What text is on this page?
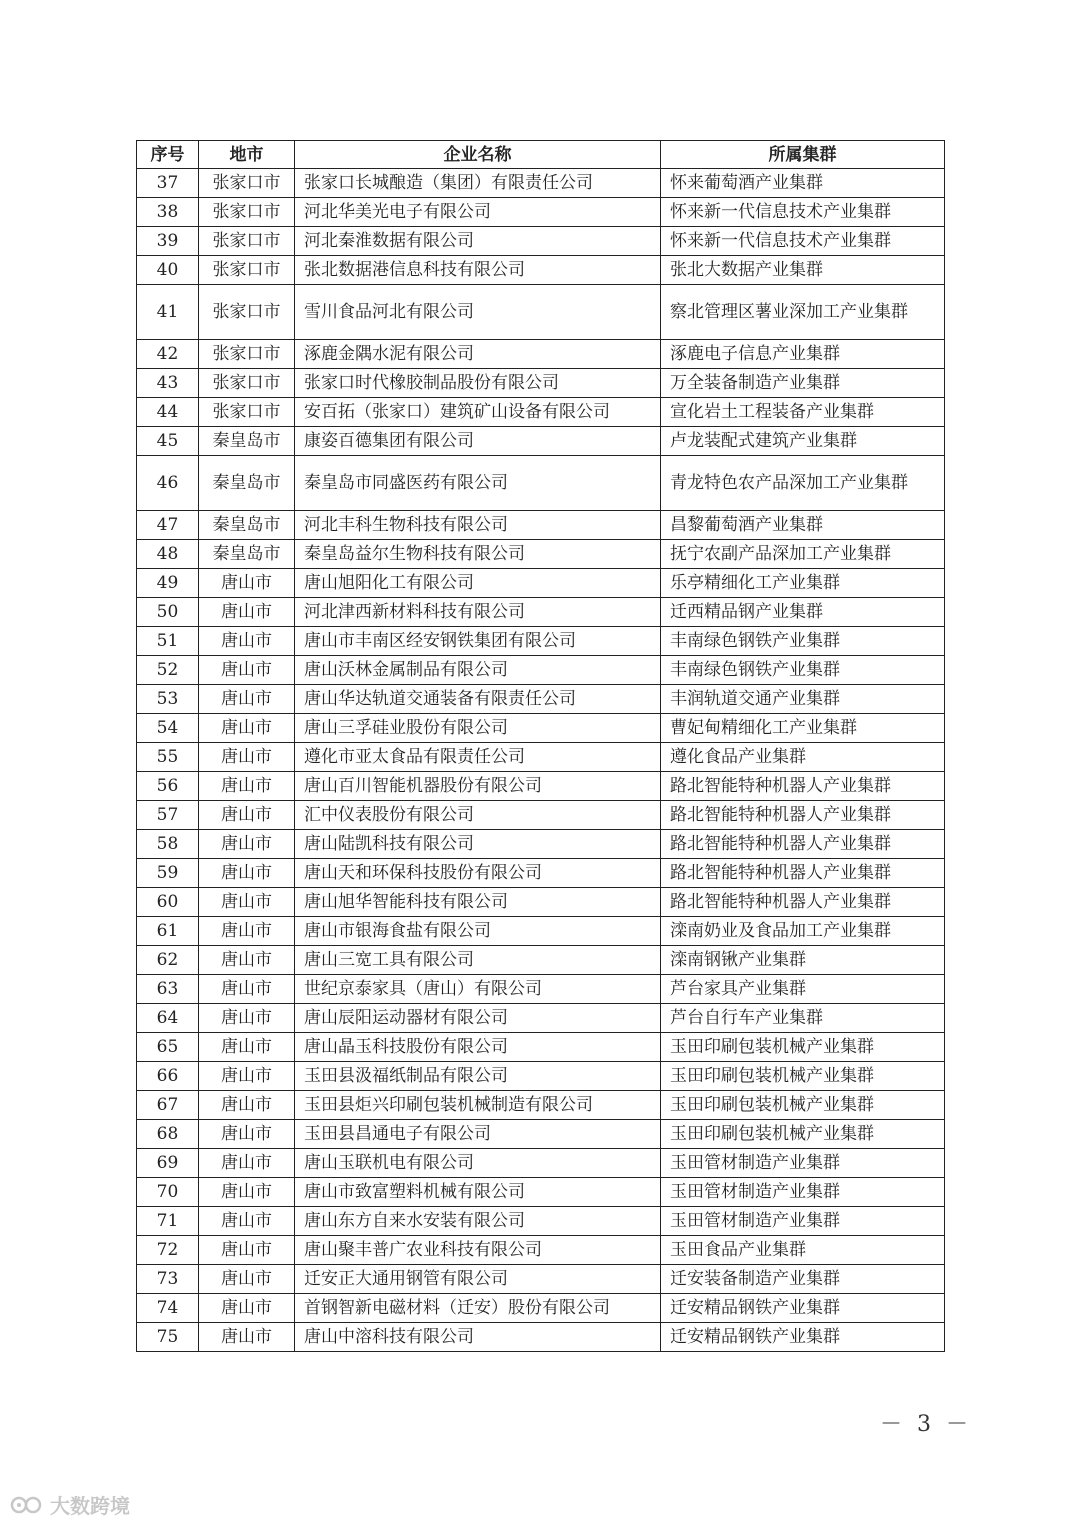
序号	地市	企业名称	所属集群
37	张家口市	张家口长城酿造（集团）有限责任公司	怀来葡萄酒产业集群
38	张家口市	河北华美光电子有限公司	怀来新一代信息技术产业集群
39	张家口市	河北秦淮数据有限公司	怀来新一代信息技术产业集群
40	张家口市	张北数据港信息科技有限公司	张北大数据产业集群
41	张家口市	雪川食品河北有限公司	察北管理区薯业深加工产业集群
42	张家口市	涿鹿金隅水泥有限公司	涿鹿电子信息产业集群
43	张家口市	张家口时代橡胶制品股份有限公司	万全装备制造产业集群
44	张家口市	安百拓（张家口）建筑矿山设备有限公司	宣化岩土工程装备产业集群
45	秦皇岛市	康姿百德集团有限公司	卢龙装配式建筑产业集群
46	秦皇岛市	秦皇岛市同盛医药有限公司	青龙特色农产品深加工产业集群
47	秦皇岛市	河北丰科生物科技有限公司	昌黎葡萄酒产业集群
48	秦皇岛市	秦皇岛益尔生物科技有限公司	抚宁农副产品深加工产业集群
49	唐山市	唐山旭阳化工有限公司	乐亭精细化工产业集群
50	唐山市	河北津西新材料科技有限公司	迁西精品钢产业集群
51	唐山市	唐山市丰南区经安钢铁集团有限公司	丰南绿色钢铁产业集群
52	唐山市	唐山沃林金属制品有限公司	丰南绿色钢铁产业集群
53	唐山市	唐山华达轨道交通装备有限责任公司	丰润轨道交通产业集群
54	唐山市	唐山三孚硅业股份有限公司	曹妃甸精细化工产业集群
55	唐山市	遵化市亚太食品有限责任公司	遵化食品产业集群
56	唐山市	唐山百川智能机器股份有限公司	路北智能特种机器人产业集群
57	唐山市	汇中仪表股份有限公司	路北智能特种机器人产业集群
58	唐山市	唐山陆凯科技有限公司	路北智能特种机器人产业集群
59	唐山市	唐山天和环保科技股份有限公司	路北智能特种机器人产业集群
60	唐山市	唐山旭华智能科技有限公司	路北智能特种机器人产业集群
61	唐山市	唐山市银海食盐有限公司	滦南奶业及食品加工产业集群
62	唐山市	唐山三宽工具有限公司	滦南钢锹产业集群
63	唐山市	世纪京泰家具（唐山）有限公司	芦台家具产业集群
64	唐山市	唐山辰阳运动器材有限公司	芦台自行车产业集群
65	唐山市	唐山晶玉科技股份有限公司	玉田印刷包装机械产业集群
66	唐山市	玉田县汲福纸制品有限公司	玉田印刷包装机械产业集群
67	唐山市	玉田县炬兴印刷包装机械制造有限公司	玉田印刷包装机械产业集群
68	唐山市	玉田县昌通电子有限公司	玉田印刷包装机械产业集群
69	唐山市	唐山玉联机电有限公司	玉田管材制造产业集群
70	唐山市	唐山市致富塑料机械有限公司	玉田管材制造产业集群
71	唐山市	唐山东方自来水安装有限公司	玉田管材制造产业集群
72	唐山市	唐山聚丰普广农业科技有限公司	玉田食品产业集群
73	唐山市	迁安正大通用钢管有限公司	迁安装备制造产业集群
74	唐山市	首钢智新电磁材料（迁安）股份有限公司	迁安精品钢铁产业集群
75	唐山市	唐山中溶科技有限公司	迁安精品钢铁产业集群
－ 3 －
大数跨境
